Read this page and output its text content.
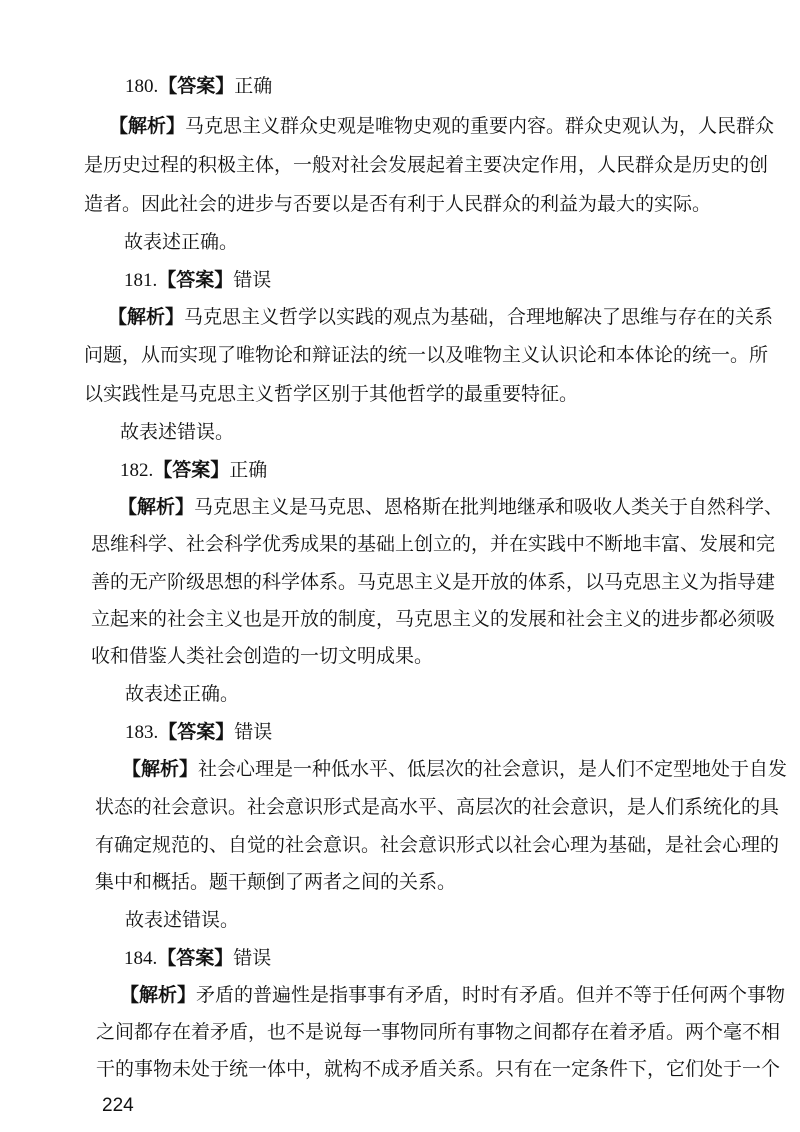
180.【答案】正确
【解析】马克思主义群众史观是唯物史观的重要内容。群众史观认为，人民群众
是历史过程的积极主体，一般对社会发展起着主要决定作用，人民群众是历史的创
造者。因此社会的进步与否要以是否有利于人民群众的利益为最大的实际。
故表述正确。
181.【答案】错误
【解析】马克思主义哲学以实践的观点为基础，合理地解决了思维与存在的关系
问题，从而实现了唯物论和辩证法的统一以及唯物主义认识论和本体论的统一。所
以实践性是马克思主义哲学区别于其他哲学的最重要特征。
故表述错误。
182.【答案】正确
【解析】马克思主义是马克思、恩格斯在批判地继承和吸收人类关于自然科学、
思维科学、社会科学优秀成果的基础上创立的，并在实践中不断地丰富、发展和完
善的无产阶级思想的科学体系。马克思主义是开放的体系，以马克思主义为指导建
立起来的社会主义也是开放的制度，马克思主义的发展和社会主义的进步都必须吸
收和借鉴人类社会创造的一切文明成果。
故表述正确。
183.【答案】错误
【解析】社会心理是一种低水平、低层次的社会意识，是人们不定型地处于自发
状态的社会意识。社会意识形式是高水平、高层次的社会意识，是人们系统化的具
有确定规范的、自觉的社会意识。社会意识形式以社会心理为基础，是社会心理的
集中和概括。题干颠倒了两者之间的关系。
故表述错误。
184.【答案】错误
【解析】矛盾的普遍性是指事事有矛盾，时时有矛盾。但并不等于任何两个事物
之间都存在着矛盾，也不是说每一事物同所有事物之间都存在着矛盾。两个毫不相
干的事物未处于统一体中，就构不成矛盾关系。只有在一定条件下，它们处于一个
224
